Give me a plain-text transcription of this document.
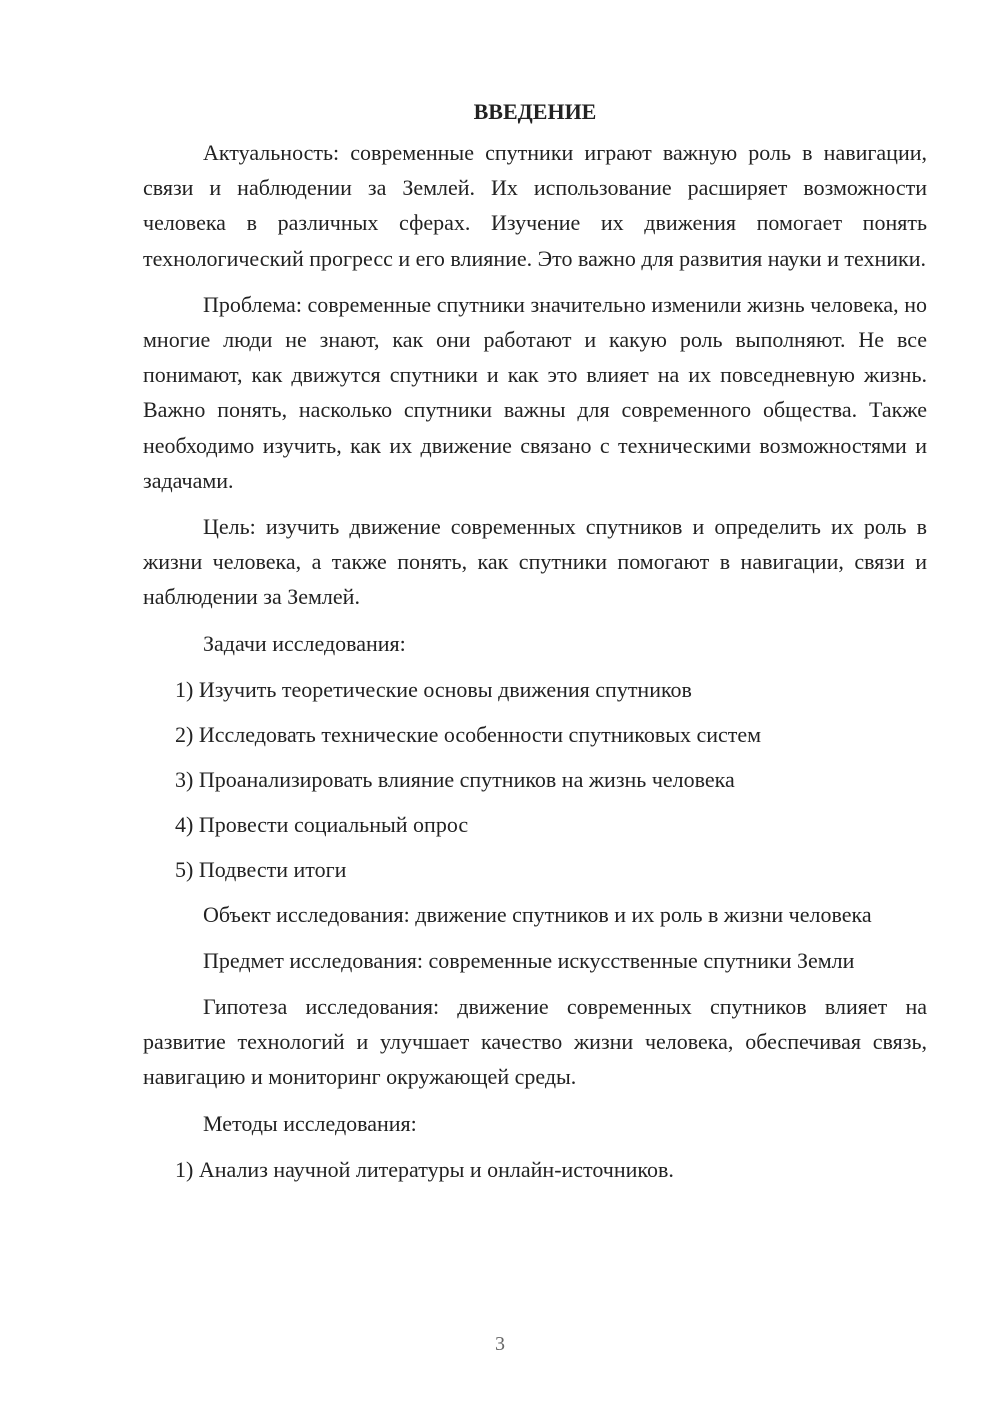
ВВЕДЕНИЕ

Актуальность: современные спутники играют важную роль в навигации, связи и наблюдении за Землей. Их использование расширяет возможности человека в различных сферах. Изучение их движения помогает понять технологический прогресс и его влияние. Это важно для развития науки и техники.

Проблема: современные спутники значительно изменили жизнь человека, но многие люди не знают, как они работают и какую роль выполняют. Не все понимают, как движутся спутники и как это влияет на их повседневную жизнь. Важно понять, насколько спутники важны для современного общества. Также необходимо изучить, как их движение связано с техническими возможностями и задачами.

Цель: изучить движение современных спутников и определить их роль в жизни человека, а также понять, как спутники помогают в навигации, связи и наблюдении за Землей.

Задачи исследования:

1) Изучить теоретические основы движения спутников
2) Исследовать технические особенности спутниковых систем
3) Проанализировать влияние спутников на жизнь человека
4) Провести социальный опрос
5) Подвести итоги

Объект исследования: движение спутников и их роль в жизни человека

Предмет исследования: современные искусственные спутники Земли

Гипотеза исследования: движение современных спутников влияет на развитие технологий и улучшает качество жизни человека, обеспечивая связь, навигацию и мониторинг окружающей среды.

Методы исследования:

1) Анализ научной литературы и онлайн-источников.
3
